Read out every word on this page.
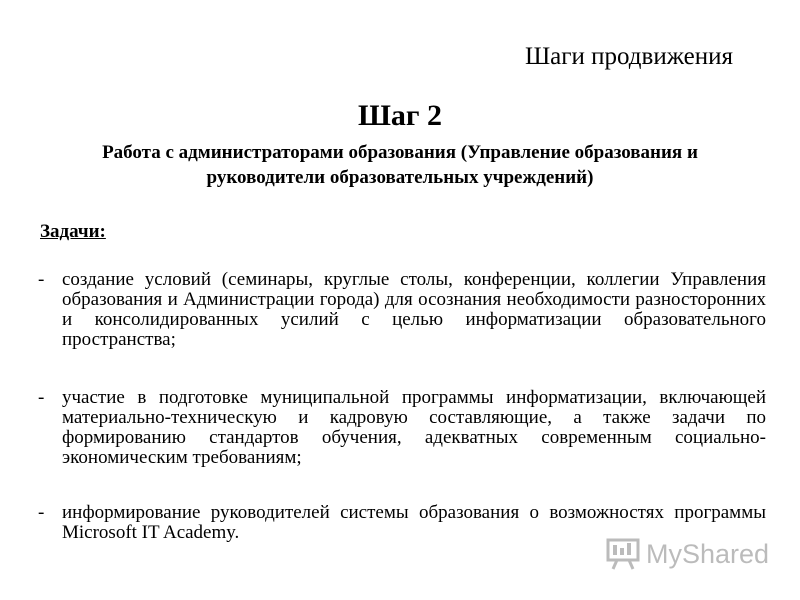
Шаги продвижения
Шаг 2
Работа с администраторами образования (Управление образования и руководители образовательных учреждений)
Задачи:
- создание условий (семинары, круглые столы, конференции, коллегии Управления образования и Администрации города) для осознания необходимости разносторонних и консолидированных усилий с целью информатизации образовательного пространства;
- участие в подготовке муниципальной программы информатизации, включающей материально-техническую и кадровую составляющие, а также задачи по формированию стандартов обучения, адекватных современным социально-экономическим требованиям;
- информирование руководителей системы образования о возможностях программы Microsoft IT Academy.
MyShared
